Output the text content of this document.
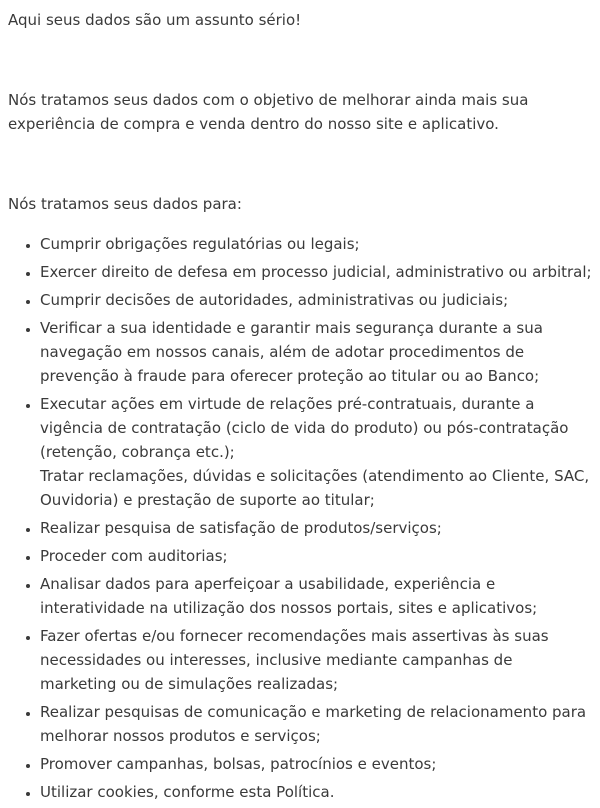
Aqui seus dados são um assunto sério!

Nós tratamos seus dados com o objetivo de melhorar ainda mais sua experiência de compra e venda dentro do nosso site e aplicativo.

Nós tratamos seus dados para:

• Cumprir obrigações regulatórias ou legais;
• Exercer direito de defesa em processo judicial, administrativo ou arbitral;
• Cumprir decisões de autoridades, administrativas ou judiciais;
• Verificar a sua identidade e garantir mais segurança durante a sua navegação em nossos canais, além de adotar procedimentos de prevenção à fraude para oferecer proteção ao titular ou ao Banco;
• Executar ações em virtude de relações pré-contratuais, durante a vigência de contratação (ciclo de vida do produto) ou pós-contratação (retenção, cobrança etc.);
Tratar reclamações, dúvidas e solicitações (atendimento ao Cliente, SAC, Ouvidoria) e prestação de suporte ao titular;
• Realizar pesquisa de satisfação de produtos/serviços;
• Proceder com auditorias;
• Analisar dados para aperfeiçoar a usabilidade, experiência e interatividade na utilização dos nossos portais, sites e aplicativos;
• Fazer ofertas e/ou fornecer recomendações mais assertivas às suas necessidades ou interesses, inclusive mediante campanhas de marketing ou de simulações realizadas;
• Realizar pesquisas de comunicação e marketing de relacionamento para melhorar nossos produtos e serviços;
• Promover campanhas, bolsas, patrocínios e eventos;
• Utilizar cookies, conforme esta Política.
